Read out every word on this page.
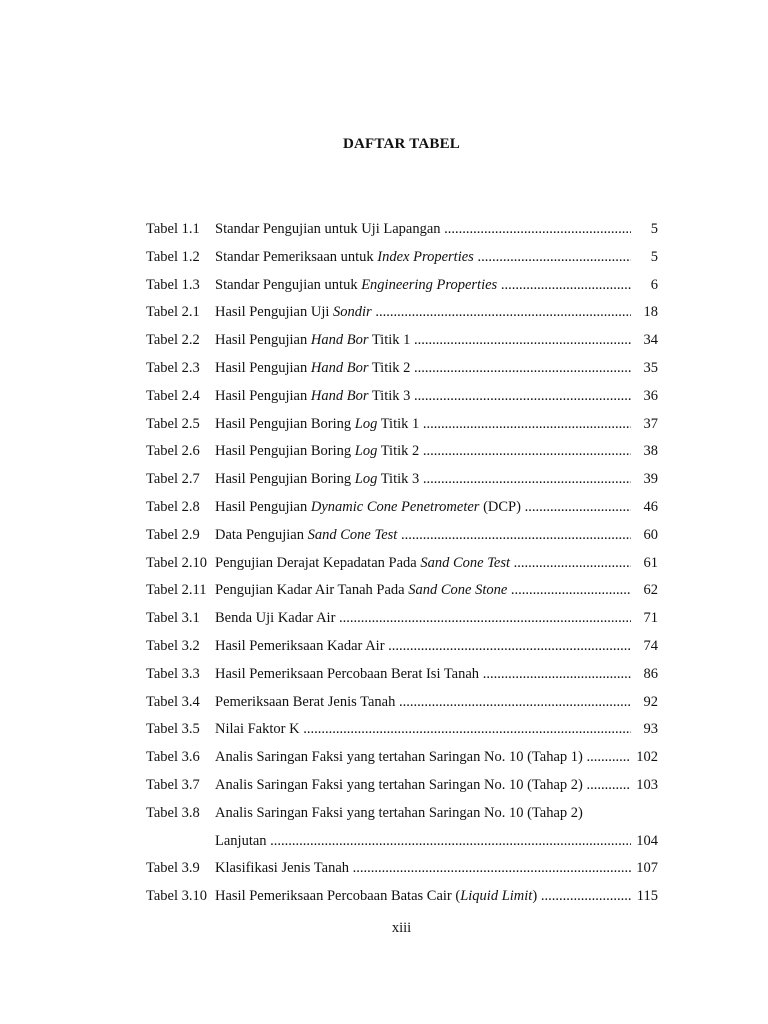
DAFTAR TABEL
Tabel 1.1	Standar Pengujian untuk Uji Lapangan .....	5
Tabel 1.2	Standar Pemeriksaan untuk Index Properties .....	5
Tabel 1.3	Standar Pengujian untuk Engineering Properties .....	6
Tabel 2.1	Hasil Pengujian Uji Sondir .....	18
Tabel 2.2	Hasil Pengujian Hand Bor Titik 1 .....	34
Tabel 2.3	Hasil Pengujian Hand Bor Titik 2 .....	35
Tabel 2.4	Hasil Pengujian Hand Bor Titik 3 .....	36
Tabel 2.5	Hasil Pengujian Boring Log Titik 1 .....	37
Tabel 2.6	Hasil Pengujian Boring Log Titik 2 .....	38
Tabel 2.7	Hasil Pengujian Boring Log Titik 3 .....	39
Tabel 2.8	Hasil Pengujian Dynamic Cone Penetrometer (DCP) .....	46
Tabel 2.9	Data Pengujian Sand Cone Test .....	60
Tabel 2.10 Pengujian Derajat Kepadatan Pada Sand Cone Test .....	61
Tabel 2.11 Pengujian Kadar Air Tanah Pada Sand Cone Stone .....	62
Tabel 3.1	Benda Uji Kadar Air .....	71
Tabel 3.2	Hasil Pemeriksaan Kadar Air .....	74
Tabel 3.3	Hasil Pemeriksaan Percobaan Berat Isi Tanah .....	86
Tabel 3.4	Pemeriksaan Berat Jenis Tanah .....	92
Tabel 3.5	Nilai Faktor K .....	93
Tabel 3.6	Analis Saringan Faksi yang tertahan Saringan No. 10 (Tahap 1) .....	102
Tabel 3.7	Analis Saringan Faksi yang tertahan Saringan No. 10 (Tahap 2) .....	103
Tabel 3.8	Analis Saringan Faksi yang tertahan Saringan No. 10 (Tahap 2)
Lanjutan .....	104
Tabel 3.9	Klasifikasi Jenis Tanah .....	107
Tabel 3.10 Hasil Pemeriksaan Percobaan Batas Cair (Liquid Limit) .....	115
xiii
